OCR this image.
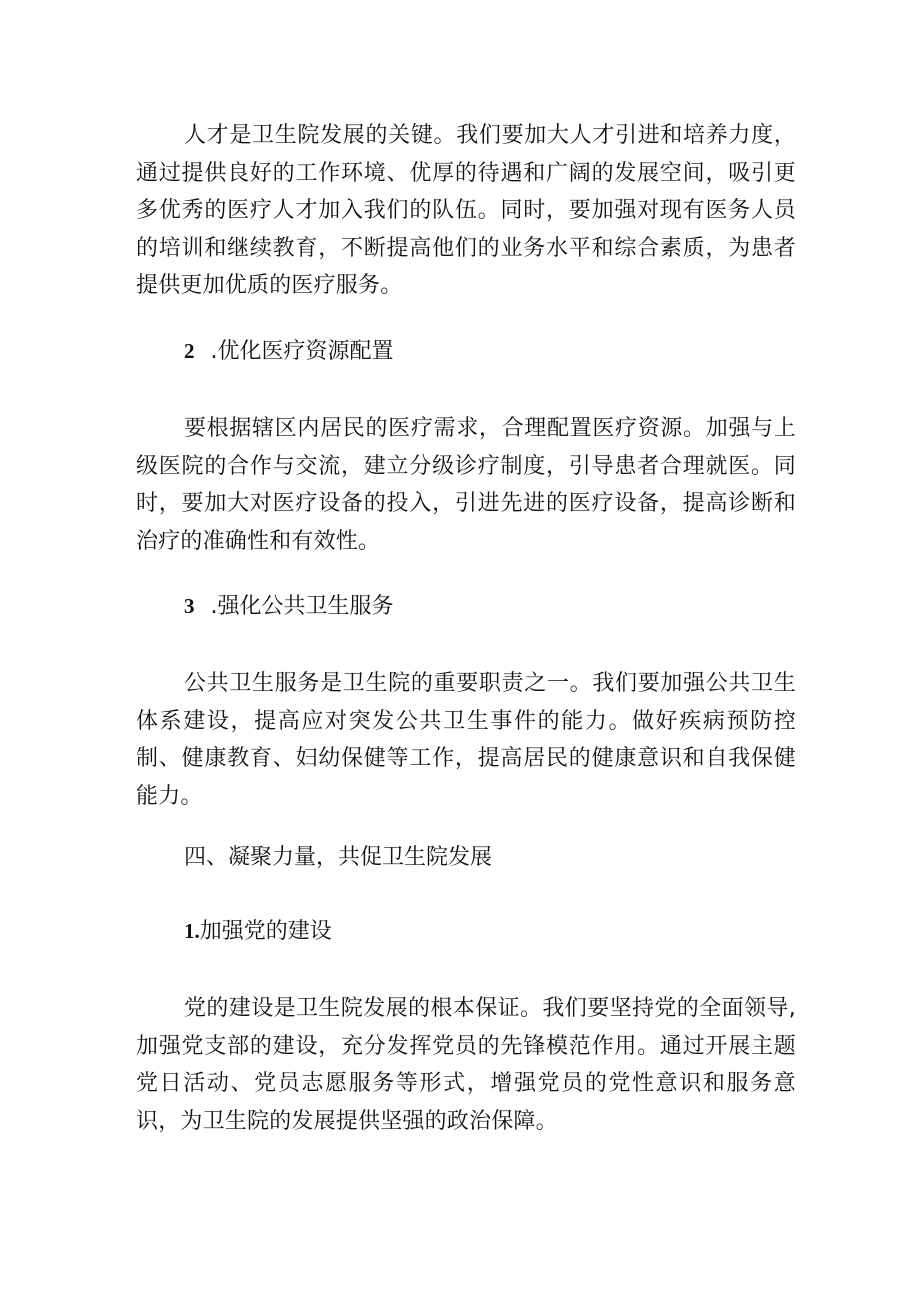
人才是卫生院发展的关键。我们要加大人才引进和培养力度，通过提供良好的工作环境、优厚的待遇和广阔的发展空间，吸引更多优秀的医疗人才加入我们的队伍。同时，要加强对现有医务人员的培训和继续教育，不断提高他们的业务水平和综合素质，为患者提供更加优质的医疗服务。

2 .优化医疗资源配置

要根据辖区内居民的医疗需求，合理配置医疗资源。加强与上级医院的合作与交流，建立分级诊疗制度，引导患者合理就医。同时，要加大对医疗设备的投入，引进先进的医疗设备，提高诊断和治疗的准确性和有效性。

3 .强化公共卫生服务

公共卫生服务是卫生院的重要职责之一。我们要加强公共卫生体系建设，提高应对突发公共卫生事件的能力。做好疾病预防控制、健康教育、妇幼保健等工作，提高居民的健康意识和自我保健能力。

四、凝聚力量，共促卫生院发展

1.加强党的建设

党的建设是卫生院发展的根本保证。我们要坚持党的全面领导,加强党支部的建设，充分发挥党员的先锋模范作用。通过开展主题党日活动、党员志愿服务等形式，增强党员的党性意识和服务意识，为卫生院的发展提供坚强的政治保障。
